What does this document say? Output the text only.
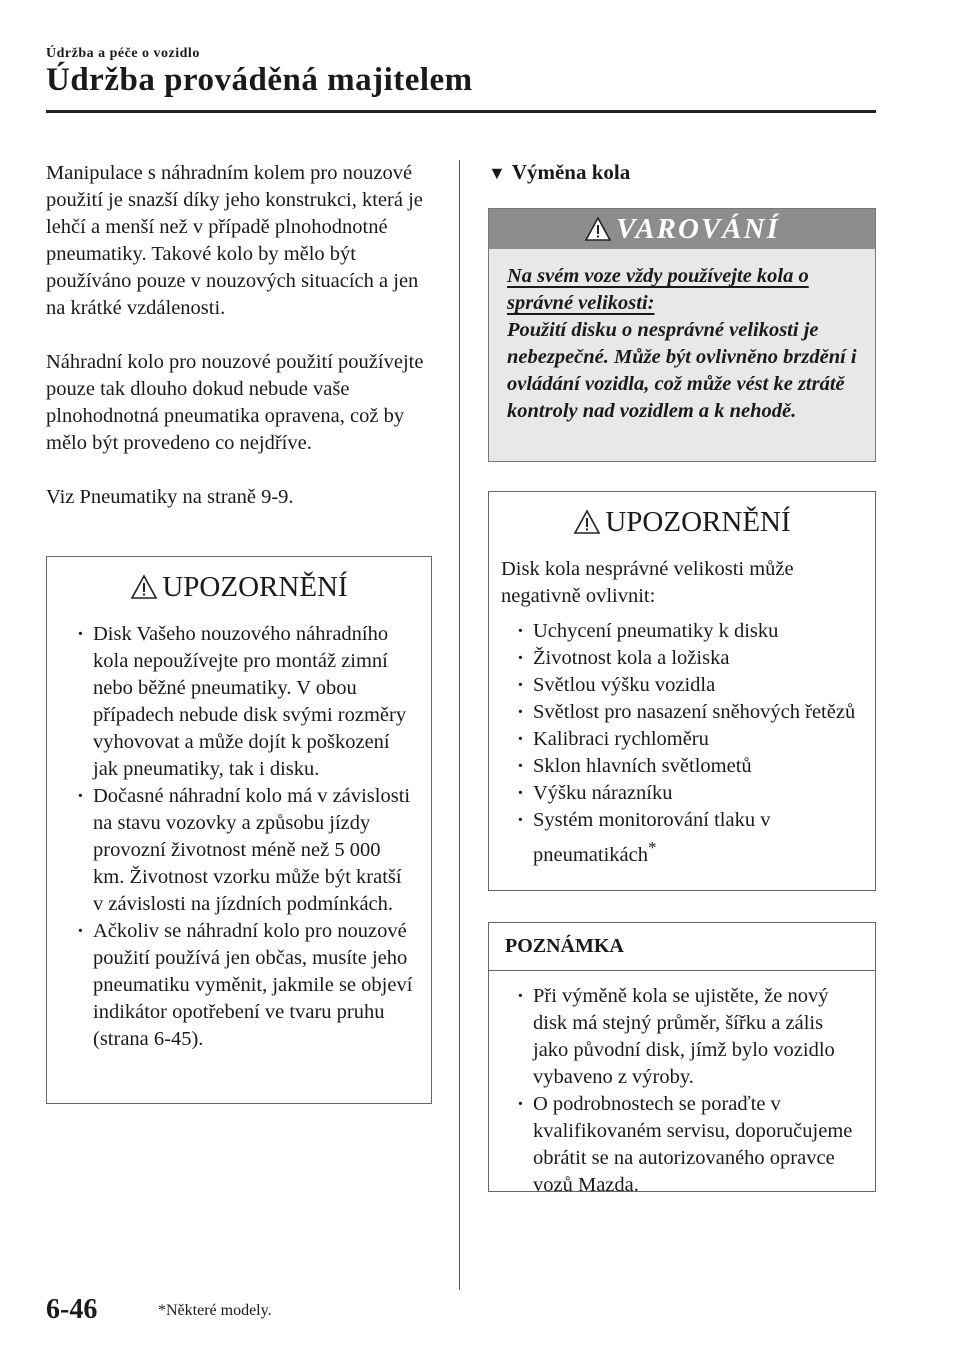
Údržba a péče o vozidlo
Údržba prováděná majitelem

Manipulace s náhradním kolem pro nouzové použití je snazší díky jeho konstrukci, která je lehčí a menší než v případě plnohodnotné pneumatiky. Takové kolo by mělo být používáno pouze v nouzových situacích a jen na krátké vzdálenosti.

Náhradní kolo pro nouzové použití používejte pouze tak dlouho dokud nebude vaše plnohodnotná pneumatika opravena, což by mělo být provedeno co nejdříve.

Viz Pneumatiky na straně 9-9.

UPOZORNĚNÍ
· Disk Vašeho nouzového náhradního kola nepoužívejte pro montáž zimní nebo běžné pneumatiky. V obou případech nebude disk svými rozměry vyhovovat a může dojít k poškození jak pneumatiky, tak i disku.
· Dočasné náhradní kolo má v závislosti na stavu vozovky a způsobu jízdy provozní životnost méně než 5 000 km. Životnost vzorku může být kratší v závislosti na jízdních podmínkách.
· Ačkoliv se náhradní kolo pro nouzové použití používá jen občas, musíte jeho pneumatiku vyměnit, jakmile se objeví indikátor opotřebení ve tvaru pruhu (strana 6-45).
▼ Výměna kola
VAROVÁNÍ
Na svém voze vždy používejte kola o správné velikosti:
Použití disku o nesprávné velikosti je nebezpečné. Může být ovlivněno brzdění i ovládání vozidla, což může vést ke ztrátě kontroly nad vozidlem a k nehodě.
UPOZORNĚNÍ
Disk kola nesprávné velikosti může negativně ovlivnit:
· Uchycení pneumatiky k disku
· Životnost kola a ložiska
· Světlou výšku vozidla
· Světlost pro nasazení sněhových řetězů
· Kalibraci rychloměru
· Sklon hlavních světlometů
· Výšku nárazníku
· Systém monitorování tlaku v pneumatikách*
POZNÁMKA
· Při výměně kola se ujistěte, že nový disk má stejný průměr, šířku a zális jako původní disk, jímž bylo vozidlo vybaveno z výroby.
· O podrobnostech se poraďte v kvalifikovaném servisu, doporučujeme obrátit se na autorizovaného opravce vozů Mazda.
6-46	*Některé modely.
